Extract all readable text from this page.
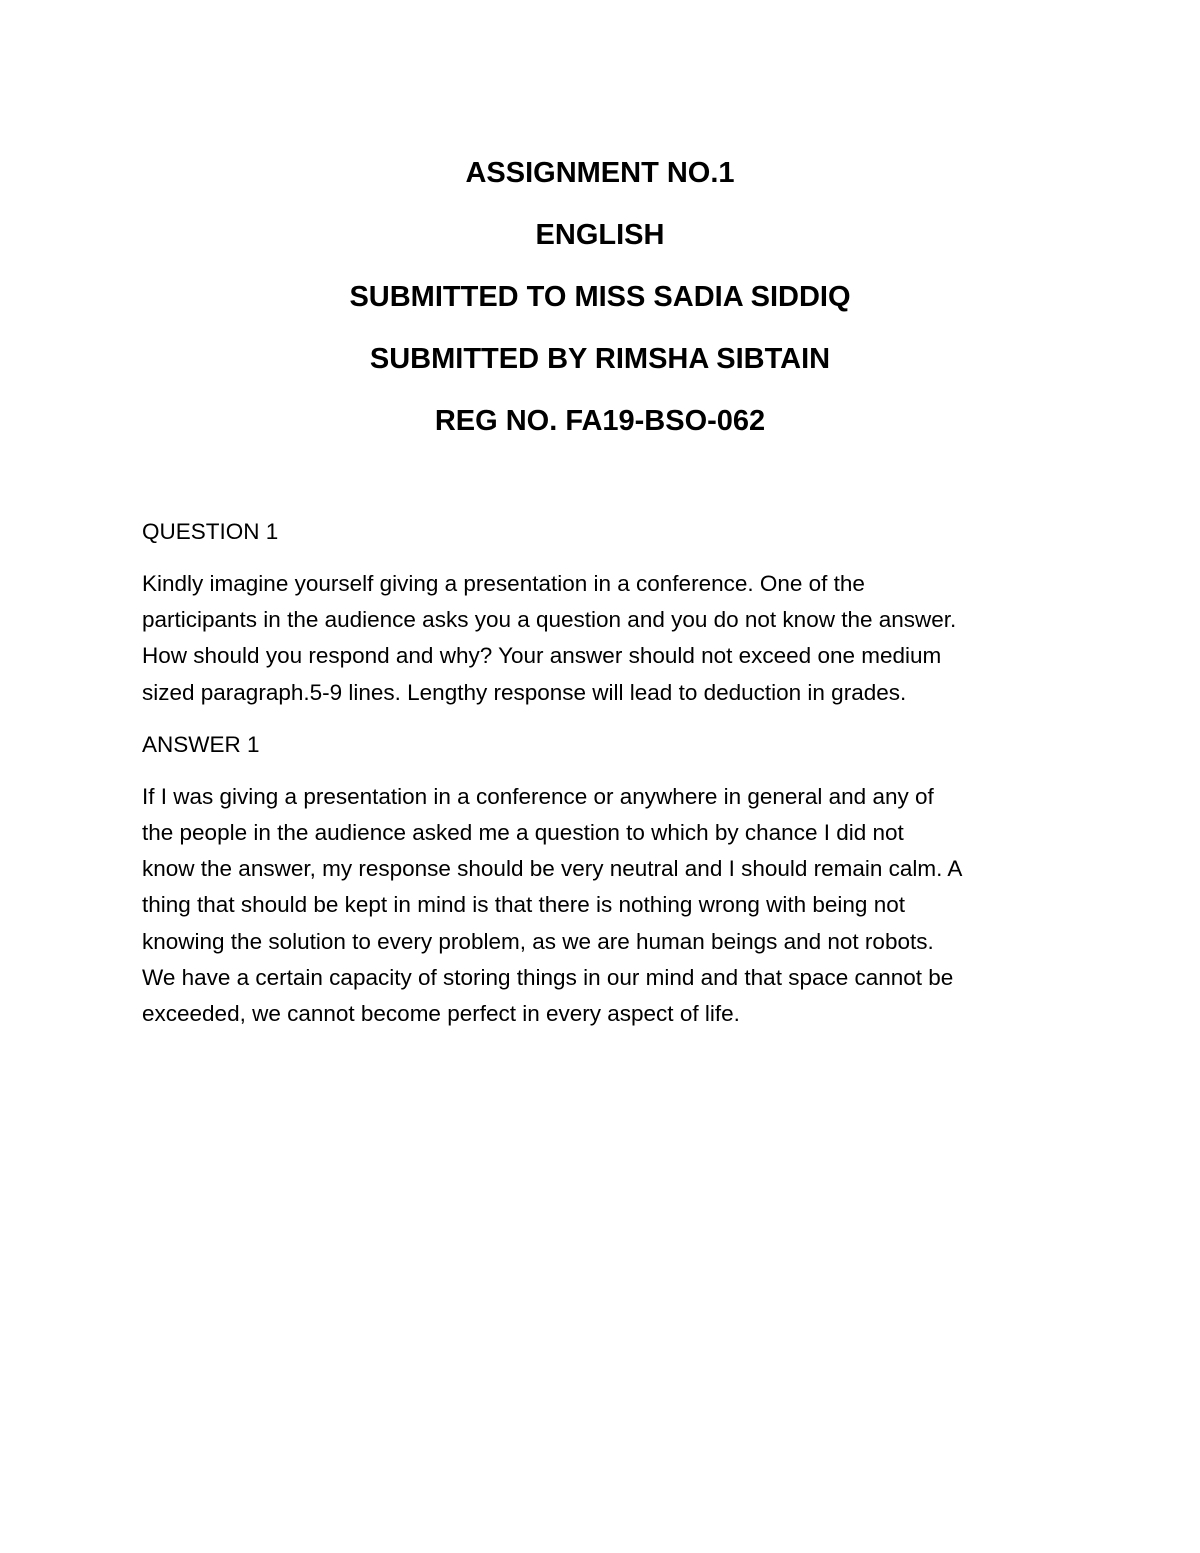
ASSIGNMENT NO.1
ENGLISH
SUBMITTED TO MISS SADIA SIDDIQ
SUBMITTED BY RIMSHA SIBTAIN
REG NO. FA19-BSO-062
QUESTION 1
Kindly imagine yourself giving a presentation in a conference. One of the
participants in the audience asks you a question and you do not know the answer.
How should you respond and why? Your answer should not exceed one medium
sized paragraph.5-9 lines. Lengthy response will lead to deduction in grades.
ANSWER 1
If I was giving a presentation in a conference or anywhere in general and any of
the people in the audience asked me a question to which by chance I did not
know the answer, my response should be very neutral and I should remain calm. A
thing that should be kept in mind is that there is nothing wrong with being not
knowing the solution to every problem, as we are human beings and not robots.
We have a certain capacity of storing things in our mind and that space cannot be
exceeded, we cannot become perfect in every aspect of life.
